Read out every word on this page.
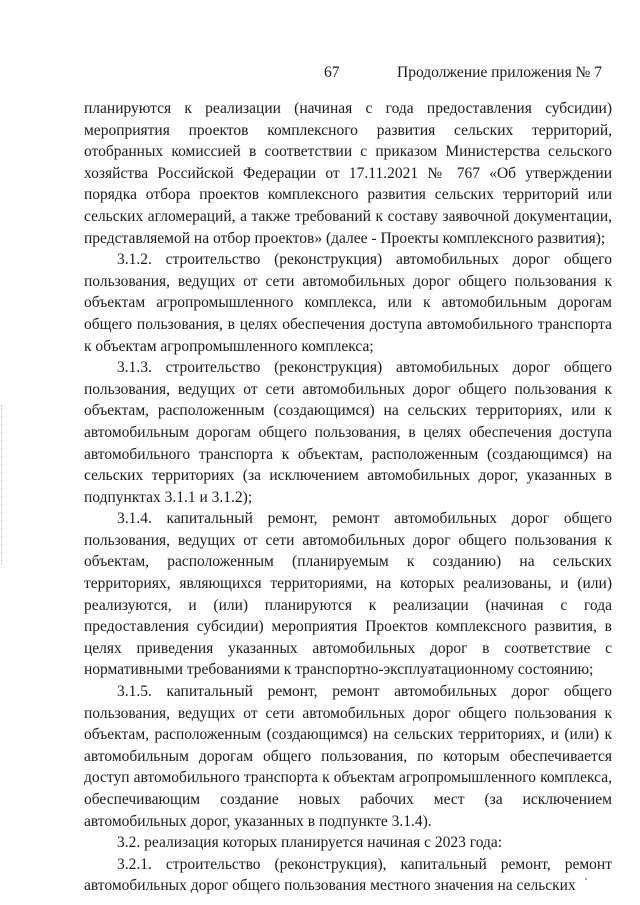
67	Продолжение приложения № 7

планируются к реализации (начиная с года предоставления субсидии) мероприятия проектов комплексного развития сельских территорий, отобранных комиссией в соответствии с приказом Министерства сельского хозяйства Российской Федерации от 17.11.2021 № 767 «Об утверждении порядка отбора проектов комплексного развития сельских территорий или сельских агломераций, а также требований к составу заявочной документации, представляемой на отбор проектов» (далее - Проекты комплексного развития);

3.1.2. строительство (реконструкция) автомобильных дорог общего пользования, ведущих от сети автомобильных дорог общего пользования к объектам агропромышленного комплекса, или к автомобильным дорогам общего пользования, в целях обеспечения доступа автомобильного транспорта к объектам агропромышленного комплекса;

3.1.3. строительство (реконструкция) автомобильных дорог общего пользования, ведущих от сети автомобильных дорог общего пользования к объектам, расположенным (создающимся) на сельских территориях, или к автомобильным дорогам общего пользования, в целях обеспечения доступа автомобильного транспорта к объектам, расположенным (создающимся) на сельских территориях (за исключением автомобильных дорог, указанных в подпунктах 3.1.1 и 3.1.2);

3.1.4. капитальный ремонт, ремонт автомобильных дорог общего пользования, ведущих от сети автомобильных дорог общего пользования к объектам, расположенным (планируемым к созданию) на сельских территориях, являющихся территориями, на которых реализованы, и (или) реализуются, и (или) планируются к реализации (начиная с года предоставления субсидии) мероприятия Проектов комплексного развития, в целях приведения указанных автомобильных дорог в соответствие с нормативными требованиями к транспортно-эксплуатационному состоянию;

3.1.5. капитальный ремонт, ремонт автомобильных дорог общего пользования, ведущих от сети автомобильных дорог общего пользования к объектам, расположенным (создающимся) на сельских территориях, и (или) к автомобильным дорогам общего пользования, по которым обеспечивается доступ автомобильного транспорта к объектам агропромышленного комплекса, обеспечивающим создание новых рабочих мест (за исключением автомобильных дорог, указанных в подпункте 3.1.4).

3.2. реализация которых планируется начиная с 2023 года:

3.2.1. строительство (реконструкция), капитальный ремонт, ремонт автомобильных дорог общего пользования местного значения на сельских
